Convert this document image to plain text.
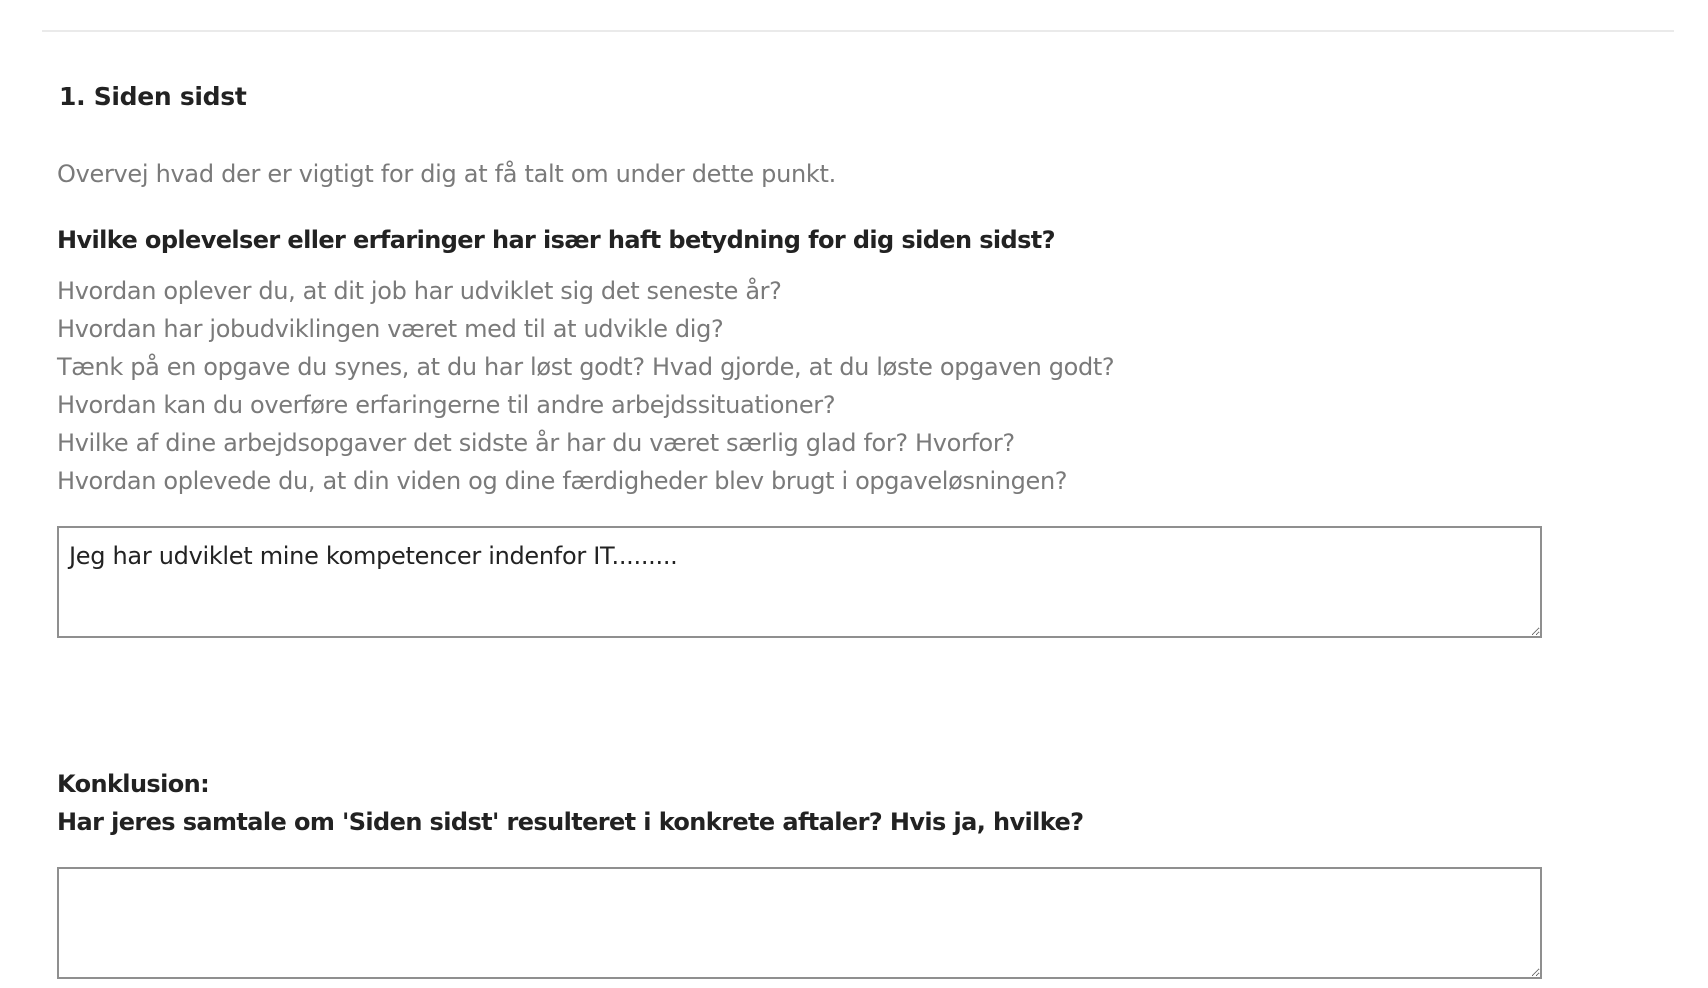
1. Siden sidst

Overvej hvad der er vigtigt for dig at få talt om under dette punkt.

Hvilke oplevelser eller erfaringer har især haft betydning for dig siden sidst?

Hvordan oplever du, at dit job har udviklet sig det seneste år?
Hvordan har jobudviklingen været med til at udvikle dig?
Tænk på en opgave du synes, at du har løst godt? Hvad gjorde, at du løste opgaven godt?
Hvordan kan du overføre erfaringerne til andre arbejdssituationer?
Hvilke af dine arbejdsopgaver det sidste år har du været særlig glad for? Hvorfor?
Hvordan oplevede du, at din viden og dine færdigheder blev brugt i opgaveløsningen?
Jeg har udviklet mine kompetencer indenfor IT.........

Konklusion:

Har jeres samtale om 'Siden sidst' resulteret i konkrete aftaler? Hvis ja, hvilke?
